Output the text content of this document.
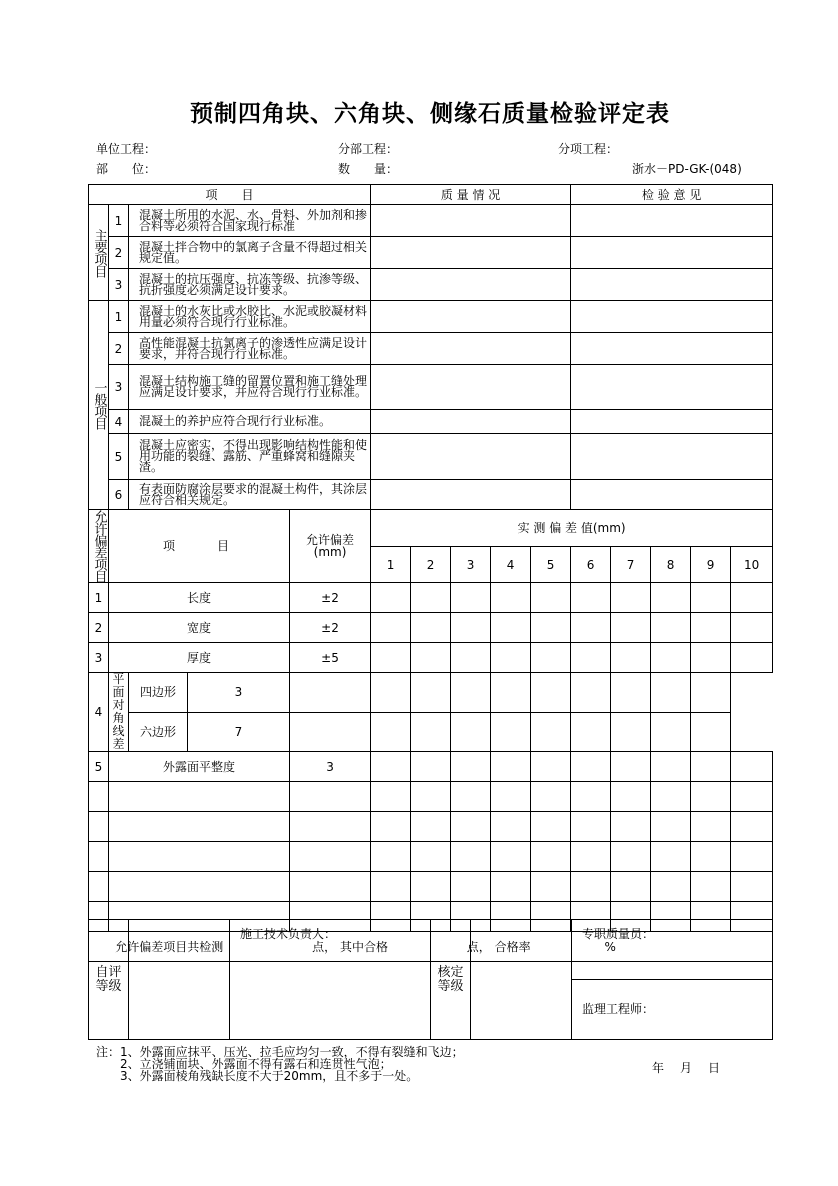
预制四角块、六角块、侧缘石质量检验评定表
单位工程：	分部工程：	分项工程：
部　　位：	数　　量：	浙水－PD-GK-(048)
项　　目					质 量 情 况					检 验 意 见				
主要项目	1	混凝土所用的水泥、水、骨料、外加剂和掺合料等必须符合国家现行标准												
	2	混凝土拌合物中的氯离子含量不得超过相关规定值。												
	3	混凝土的抗压强度、抗冻等级、抗渗等级、抗折强度必须满足设计要求。												
一般项目	1	混凝土的水灰比或水胶比、水泥或胶凝材料用量必须符合现行行业标准。												
	2	高性能混凝土抗氯离子的渗透性应满足设计要求，并符合现行行业标准。												
	3	混凝土结构施工缝的留置位置和施工缝处理应满足设计要求，并应符合现行行业标准。												
	4	混凝土的养护应符合现行行业标准。												
	5	混凝土应密实，不得出现影响结构性能和使用功能的裂缝、露筋、严重蜂窝和缝隙夹渣。												
	6	有表面防腐涂层要求的混凝土构件，其涂层应符合相关规定。												
允许偏差项目	项　　目			允许偏差(mm)	实 测 偏 差 值(mm)									
					1	2	3	4	5	6	7	8	9	10
1	长度			±2										
2	宽度			±2										
3	厚度			±5										
4	平面对角线差	四边形	3											
		六边形	7											
5	外露面平整度			3										

允许偏差项目共检测 点， 其中合格 点， 合格率 %														
自评等级		施工技术负责人：	核定等级		专职质量员：
监理工程师：
注：1、外露面应抹平、压光、拉毛应均匀一致，不得有裂缝和飞边；
　　2、立浇铺面块、外露面不得有露石和连贯性气泡；
　　3、外露面棱角残缺长度不大于20mm，且不多于一处。
年　月　日
